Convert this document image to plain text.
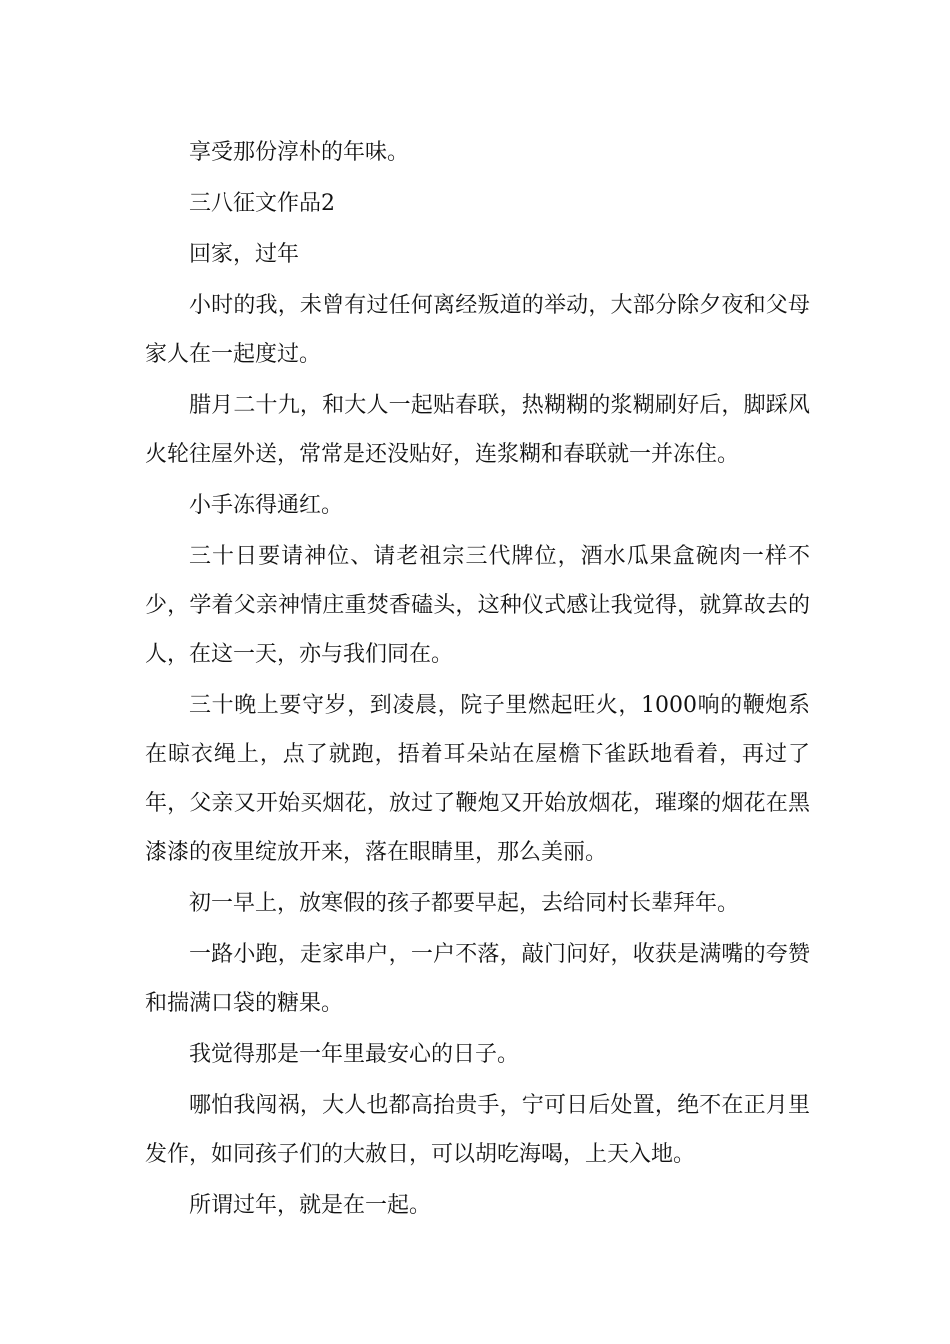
享受那份淳朴的年味。

三八征文作品2

回家，过年

小时的我，未曾有过任何离经叛道的举动，大部分除夕夜和父母家人在一起度过。

腊月二十九，和大人一起贴春联，热糊糊的浆糊刷好后，脚踩风火轮往屋外送，常常是还没贴好，连浆糊和春联就一并冻住。

小手冻得通红。

三十日要请神位、请老祖宗三代牌位，酒水瓜果盒碗肉一样不少，学着父亲神情庄重焚香磕头，这种仪式感让我觉得，就算故去的人，在这一天，亦与我们同在。

三十晚上要守岁，到凌晨，院子里燃起旺火，1000响的鞭炮系在晾衣绳上，点了就跑，捂着耳朵站在屋檐下雀跃地看着，再过了年，父亲又开始买烟花，放过了鞭炮又开始放烟花，璀璨的烟花在黑漆漆的夜里绽放开来，落在眼睛里，那么美丽。

初一早上，放寒假的孩子都要早起，去给同村长辈拜年。

一路小跑，走家串户，一户不落，敲门问好，收获是满嘴的夸赞和揣满口袋的糖果。

我觉得那是一年里最安心的日子。

哪怕我闯祸，大人也都高抬贵手，宁可日后处置，绝不在正月里发作，如同孩子们的大赦日，可以胡吃海喝，上天入地。

所谓过年，就是在一起。
